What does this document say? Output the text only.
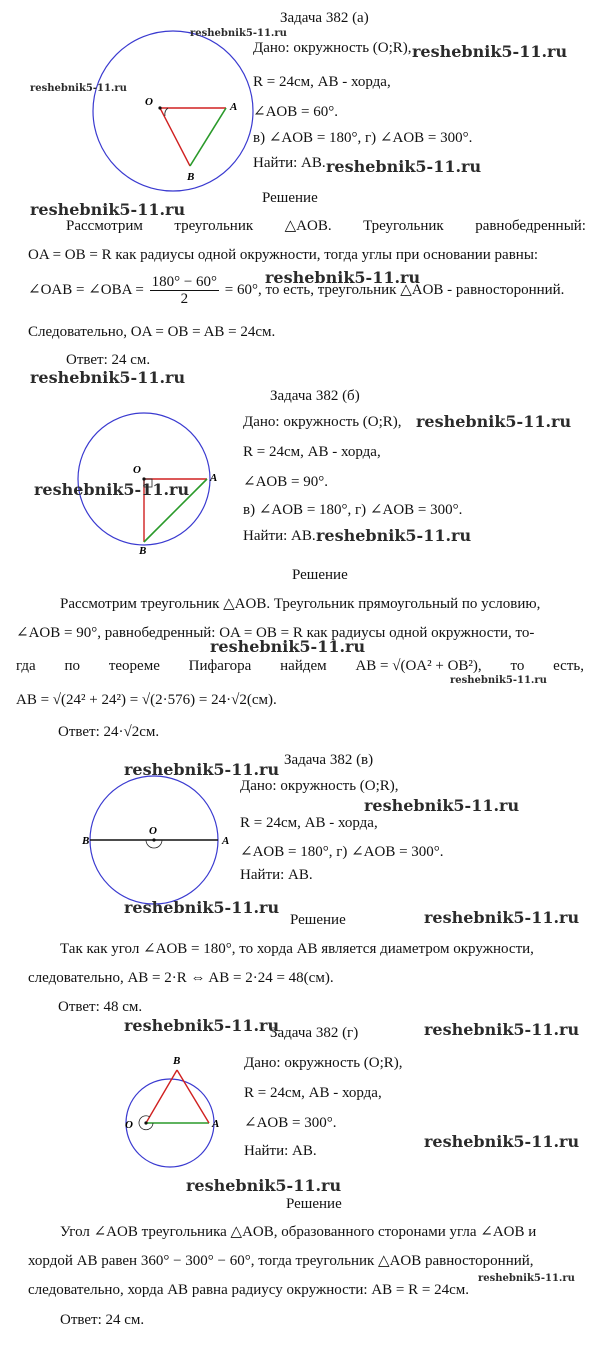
Задача 382 (а)
O	A
B
Дано: окружность (O;R),
R = 24см, AB - хорда,
∠AOB = 60°.
в) ∠AOB = 180°, г) ∠AOB = 300°.
Найти: AB.
Решение
Рассмотрим треугольник △AOB. Треугольник равнобедренный:
OA = OB = R как радиусы одной окружности, тогда углы при основании равны:
∠OAB = ∠OBA = $\frac{180^\circ - 60^\circ}{2} = 60^\circ$, то есть, треугольник △AOB - равносторонний.
Следовательно, OA = OB = AB = 24см.
Ответ: 24 см.
Задача 382 (б)
O
A
B
Дано: окружность (O;R),
R = 24см, AB - хорда,
∠AOB = 90°.
в) ∠AOB = 180°, г) ∠AOB = 300°.
Найти: AB.
Решение
Рассмотрим треугольник △AOB. Треугольник прямоугольный по условию,
∠AOB = 90°, равнобедренный: OA = OB = R как радиусы одной окружности, то-
гда по теореме Пифагора найдем AB = √(OA² + OB²), то есть,
AB = √(24² + 24²) = √(2·576) = 24·√2(см).
Ответ: 24·√2см.
Задача 382 (в)
O
A
B
Дано: окружность (O;R),
R = 24см, AB - хорда,
∠AOB = 180°, г) ∠AOB = 300°.
Найти: AB.
Решение
Так как угол ∠AOB = 180°, то хорда AB является диаметром окружности,
следовательно, AB = 2·R ⇔ AB = 2·24 = 48(см).
Ответ: 48 см.
Задача 382 (г)
O	A
B	Дано: окружность (O;R),
R = 24см, AB - хорда,
∠AOB = 300°.
Найти: AB.
Решение
Угол ∠AOB треугольника △AOB, образованного сторонами угла ∠AOB и
хордой AB равен 360° − 300° − 60°, тогда треугольник △AOB равносторонний,
следовательно, хорда AB равна радиусу окружности: AB = R = 24см.
Ответ: 24 см.
reshebnik5-11.ru
reshebnik5-11.ru
reshebnik5-11.ru
reshebnik5-11.ru
reshebnik5-11.ru
reshebnik5-11.ru
reshebnik5-11.ru
reshebnik5-11.ru
reshebnik5-11.ru
reshebnik5-11.ru
reshebnik5-11.ru
reshebnik5-11.ru
reshebnik5-11.ru
reshebnik5-11.ru
reshebnik5-11.ru
reshebnik5-11.ru
reshebnik5-11.ru	reshebnik5-11.ru
reshebnik5-11.ru
reshebnik5-11.ru
reshebnik5-11.ru
